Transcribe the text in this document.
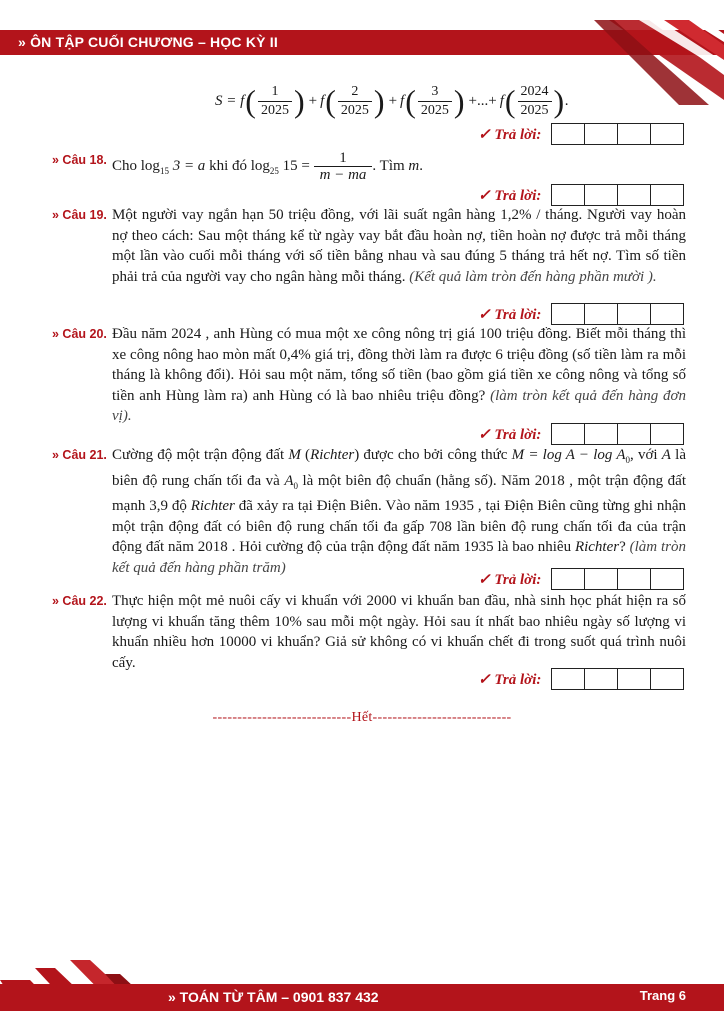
» ÔN TẬP CUỐI CHƯƠNG – HỌC KỲ II
S = f ( $\frac{1}{2025}$ ) + f ( $\frac{2}{2025}$ ) + f ( $\frac{3}{2025}$ ) +...+ f ( $\frac{2024}{2025}$ ) .
✓ Trả lời:
» Câu 18. Cho $\log_{15} 3 = a$ khi đó $\log_{25} 15 = \frac{1}{m - ma}$ . Tìm m.
✓ Trả lời:
» Câu 19. Một người vay ngắn hạn 50 triệu đồng, với lãi suất ngân hàng 1,2% / tháng. Người vay hoàn nợ theo cách: Sau một tháng kể từ ngày vay bắt đầu hoàn nợ, tiền hoàn nợ được trả mỗi tháng một lần vào cuối mỗi tháng với số tiền bằng nhau và sau đúng 5 tháng trả hết nợ. Tìm số tiền phải trả của người vay cho ngân hàng mỗi tháng. (Kết quả làm tròn đến hàng phần mười ).
✓ Trả lời:
» Câu 20. Đầu năm 2024 , anh Hùng có mua một xe công nông trị giá 100 triệu đồng. Biết mỗi tháng thì xe công nông hao mòn mất 0,4% giá trị, đồng thời làm ra được 6 triệu đồng (số tiền làm ra mỗi tháng là không đổi). Hỏi sau một năm, tổng số tiền (bao gồm giá tiền xe công nông và tổng số tiền anh Hùng làm ra) anh Hùng có là bao nhiêu triệu đồng? (làm tròn kết quả đến hàng đơn vị).
✓ Trả lời:
» Câu 21. Cường độ một trận động đất M (Richter) được cho bởi công thức $M = \log A - \log A_0$, với A là biên độ rung chấn tối đa và $A_0$ là một biên độ chuẩn (hằng số). Năm 2018 , một trận động đất mạnh 3,9 độ Richter đã xảy ra tại Điện Biên. Vào năm 1935 , tại Điện Biên cũng từng ghi nhận một trận động đất có biên độ rung chấn tối đa gấp 708 lần biên độ rung chấn tối đa của trận động đất năm 2018 . Hỏi cường độ của trận động đất năm 1935 là bao nhiêu Richter? (làm tròn kết quả đến hàng phần trăm)
✓ Trả lời:
» Câu 22. Thực hiện một mẻ nuôi cấy vi khuẩn với 2000 vi khuẩn ban đầu, nhà sinh học phát hiện ra số lượng vi khuẩn tăng thêm 10% sau mỗi một ngày. Hỏi sau ít nhất bao nhiêu ngày số lượng vi khuẩn nhiều hơn 10000 vi khuẩn? Giả sử không có vi khuẩn chết đi trong suốt quá trình nuôi cấy.
✓ Trả lời:
----------------------------Hết----------------------------
» TOÁN TỪ TÂM – 0901 837 432	Trang 6
